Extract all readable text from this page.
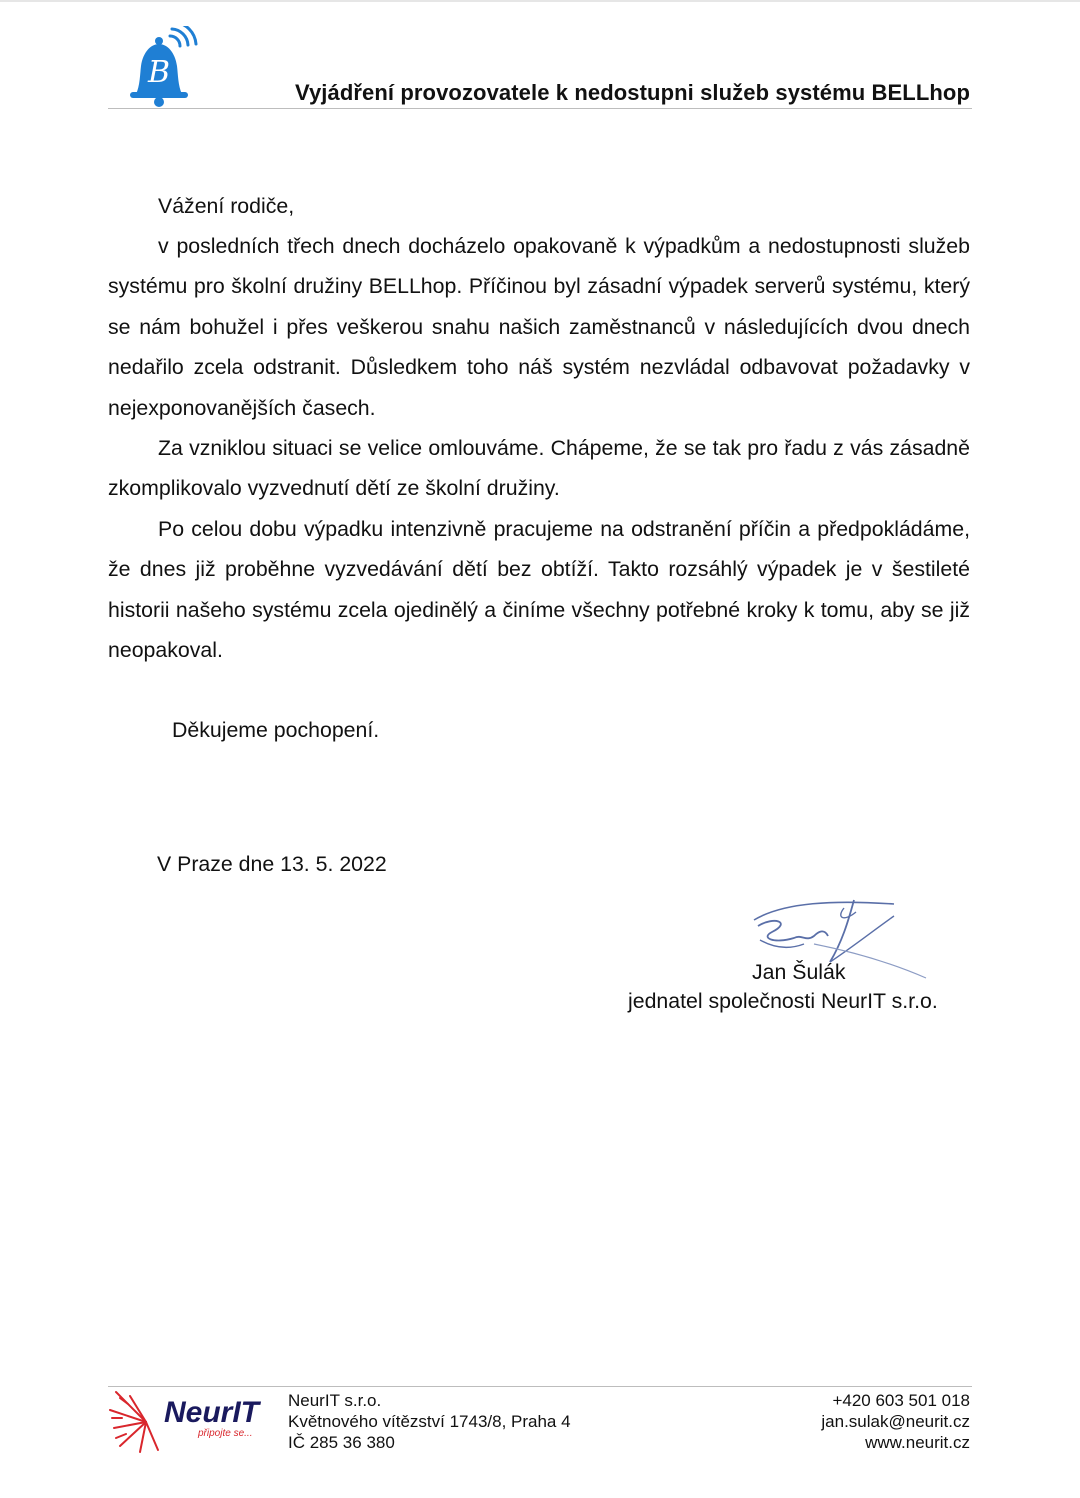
B
Vyjádření provozovatele k nedostupni služeb systému BELLhop
Vážení rodiče,

v posledních třech dnech docházelo opakovaně k výpadkům a nedostupnosti služeb systému pro školní družiny BELLhop. Příčinou byl zásadní výpadek serverů systému, který se nám bohužel i přes veškerou snahu našich zaměstnanců v následujících dvou dnech nedařilo zcela odstranit. Důsledkem toho náš systém nezvládal odbavovat požadavky v nejexponovanějších časech.

Za vzniklou situaci se velice omlouváme. Chápeme, že se tak pro řadu z vás zásadně zkomplikovalo vyzvednutí dětí ze školní družiny.

Po celou dobu výpadku intenzivně pracujeme na odstranění příčin a předpokládáme, že dnes již proběhne vyzvedávání dětí bez obtíží. Takto rozsáhlý výpadek je v šestileté historii našeho systému zcela ojedinělý a činíme všechny potřebné kroky k tomu, aby se již neopakoval.

Děkujeme pochopení.
V Praze dne 13. 5. 2022
Jan Šulák
jednatel společnosti NeurIT s.r.o.
NeurIT
připojte se...
NeurIT s.r.o.
Květnového vítězství 1743/8, Praha 4
IČ 285 36 380
+420 603 501 018
jan.sulak@neurit.cz
www.neurit.cz
